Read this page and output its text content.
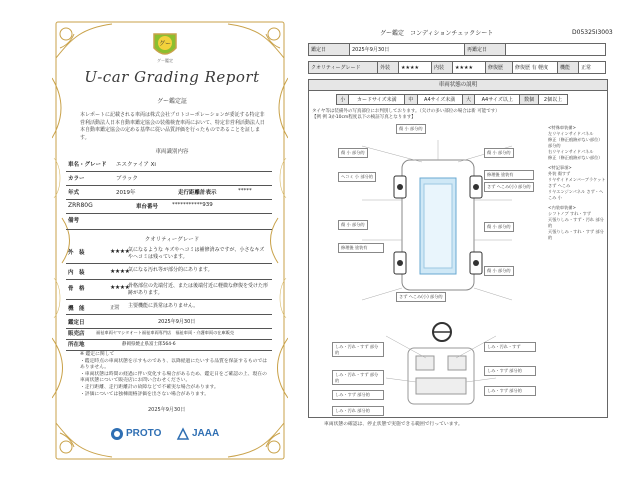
グー
グー鑑定
U-car Grading Report
グー鑑定証
本レポートに記載される車両は株式会社プロトコーポレーションが委託する特定非営利活動法人日本自動車鑑定協会の装備検査車両において、特定非営利活動法人日本自動車鑑定協会の定める基準に従い品質評価を行ったものであることを証します。
車両識別内容
車名・グレード エスクァイア Xi
カラー	ブラック
年式	2019年	走行距離計表示	*****
ZRR80G	車台番号	***********939
備考
クオリティーグレード
外　装	★★★★
気になるような キズやヘコミは補修済みですが、小さなキズやヘコミは残っています。
内　装	★★★★
気になる汚れ等が部分的にあります。
骨　格	★★★★
骨格部位の先端付近、または後端付近に軽微な修復を受けた形跡があります。
機　能	正常 主要機能に異常はありません。
鑑定日	2025年9月30日
販売店	福祉車両ヤマシタオート福祉車両専門店　福祉車両・介護車両の在庫販売
所在地	静岡県焼止県富士郎564-6
※ 鑑定に関して
・鑑定時点の車両状態を示すものであり、以降経過にたいする品質を保証するものではありません。
・車両状態は時間の経過に伴い変化する場合があるため、鑑定日をご確認の上、現在の車両状態について販売店にお問い合わせください。
・走行距離、走行距離計の故障などで不確実な場合があります。
・評価については独棟規格評価を出さない場合があります。
2025年9月30日
PROTO	JAAA
グー鑑定　コンディションチェックシート	D05325I3003
鑑定日	2025年9月30日	再鑑定日	
クオリティーグレード	外装	★★★★	内装	★★★★	修復歴	修復歴 有 軽度	機能	正常
車両状態の説明
小	カードサイズ未満	中	A4サイズ未満	大	A4サイズ以上	数個	2個以上
タイヤ等は装備外の写真部位にお判別しております。（欠けの多い部位の場合は新 可能です）
【例 例 3か10cm程度以下の検証写真となります】
傷 小 部分的
傷 小 部分的	傷 小 部分的
ヘコミ 小 部分的	修理後 塗装有
さず ヘこみ(小) 部分的
傷 小 部分的	傷 小 部分的
修理後 塗装有
さず ヘこみ(小) 部分的
傷 小 部分的
<特殊車装備>
左リヤインサイドパネル
修正（修正痕跡がない部位）
部分的
右リヤインサイドパネル
修正（修正痕跡がない部位）
<特記事項>
外装 傷すず
リヤサイドメンバーブラケット
さず ヘこみ
リヤエンジンパネル さず・ヘこみ 小
<内装車装備>
シフトノブ すれ・すず
天張りしみ・すず・汚れ 部分的
天張りしみ・すれ・すず 部分的
しみ・汚れ・すず 部分的
しみ・汚れ・すず
しみ・汚れ・すず 部分的
しみ・すず 部分的
しみ・すず 部分的
しみ・すず 部分的
しみ・汚れ 部分的
車両状態の確認は、停止状態で実施できる範囲で行っています。
